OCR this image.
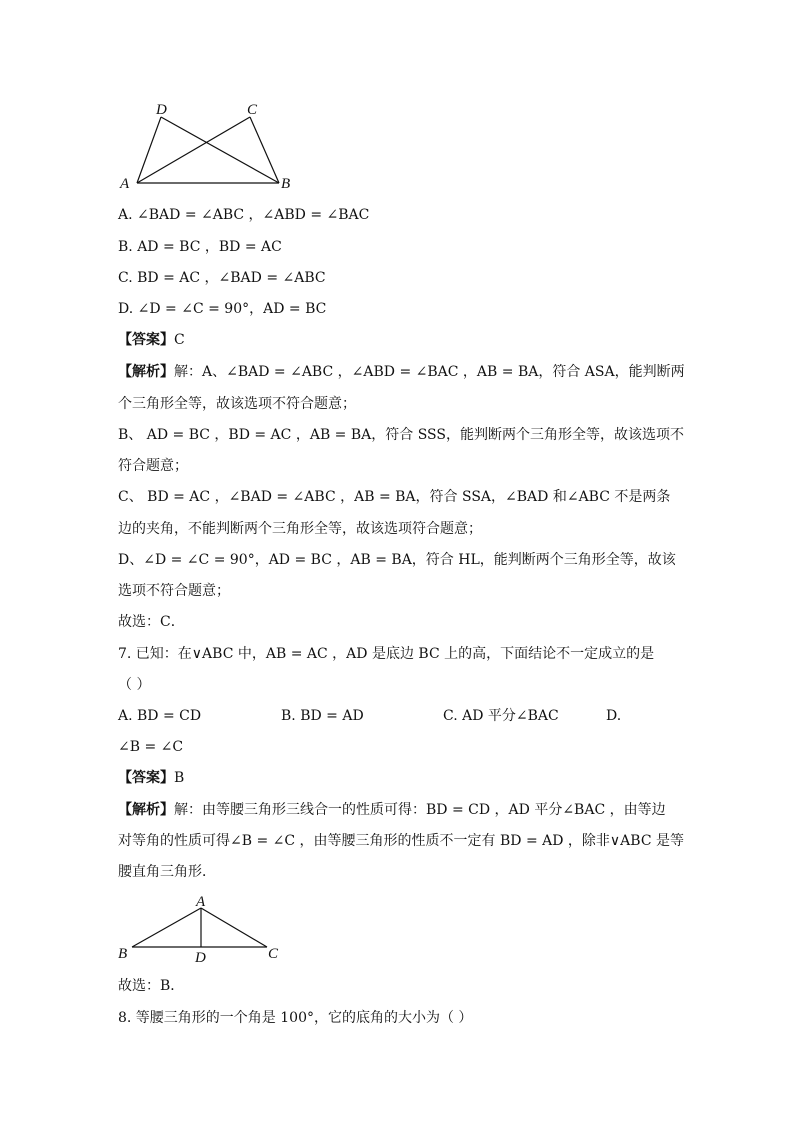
D	C
A	B
A. ∠BAD = ∠ABC ，∠ABD = ∠BAC
B. AD = BC ，BD = AC
C. BD = AC ，∠BAD = ∠ABC
D. ∠D = ∠C = 90°，AD = BC
【答案】C
【解析】解：A、∠BAD = ∠ABC ，∠ABD = ∠BAC ，AB = BA，符合 ASA，能判断两
个三角形全等，故该选项不符合题意；
B、 AD = BC ，BD = AC ，AB = BA，符合 SSS，能判断两个三角形全等，故该选项不
符合题意；
C、 BD = AC ，∠BAD = ∠ABC ，AB = BA，符合 SSA，∠BAD 和∠ABC 不是两条
边的夹角，不能判断两个三角形全等，故该选项符合题意；
D、∠D = ∠C = 90°，AD = BC ，AB = BA，符合 HL，能判断两个三角形全等，故该
选项不符合题意；
故选：C．
7. 已知：在∨ABC 中，AB = AC ，AD 是底边 BC 上的高，下面结论不一定成立的是
（ ）
A. BD = CD	B. BD = AD	C. AD 平分∠BAC	D.
∠B = ∠C
【答案】B
【解析】解：由等腰三角形三线合一的性质可得：BD = CD ，AD 平分∠BAC ，由等边
对等角的性质可得∠B = ∠C ，由等腰三角形的性质不一定有 BD = AD ，除非∨ABC 是等
腰直角三角形．
A
B	D	C
故选：B．
8. 等腰三角形的一个角是 100°，它的底角的大小为（ ）
